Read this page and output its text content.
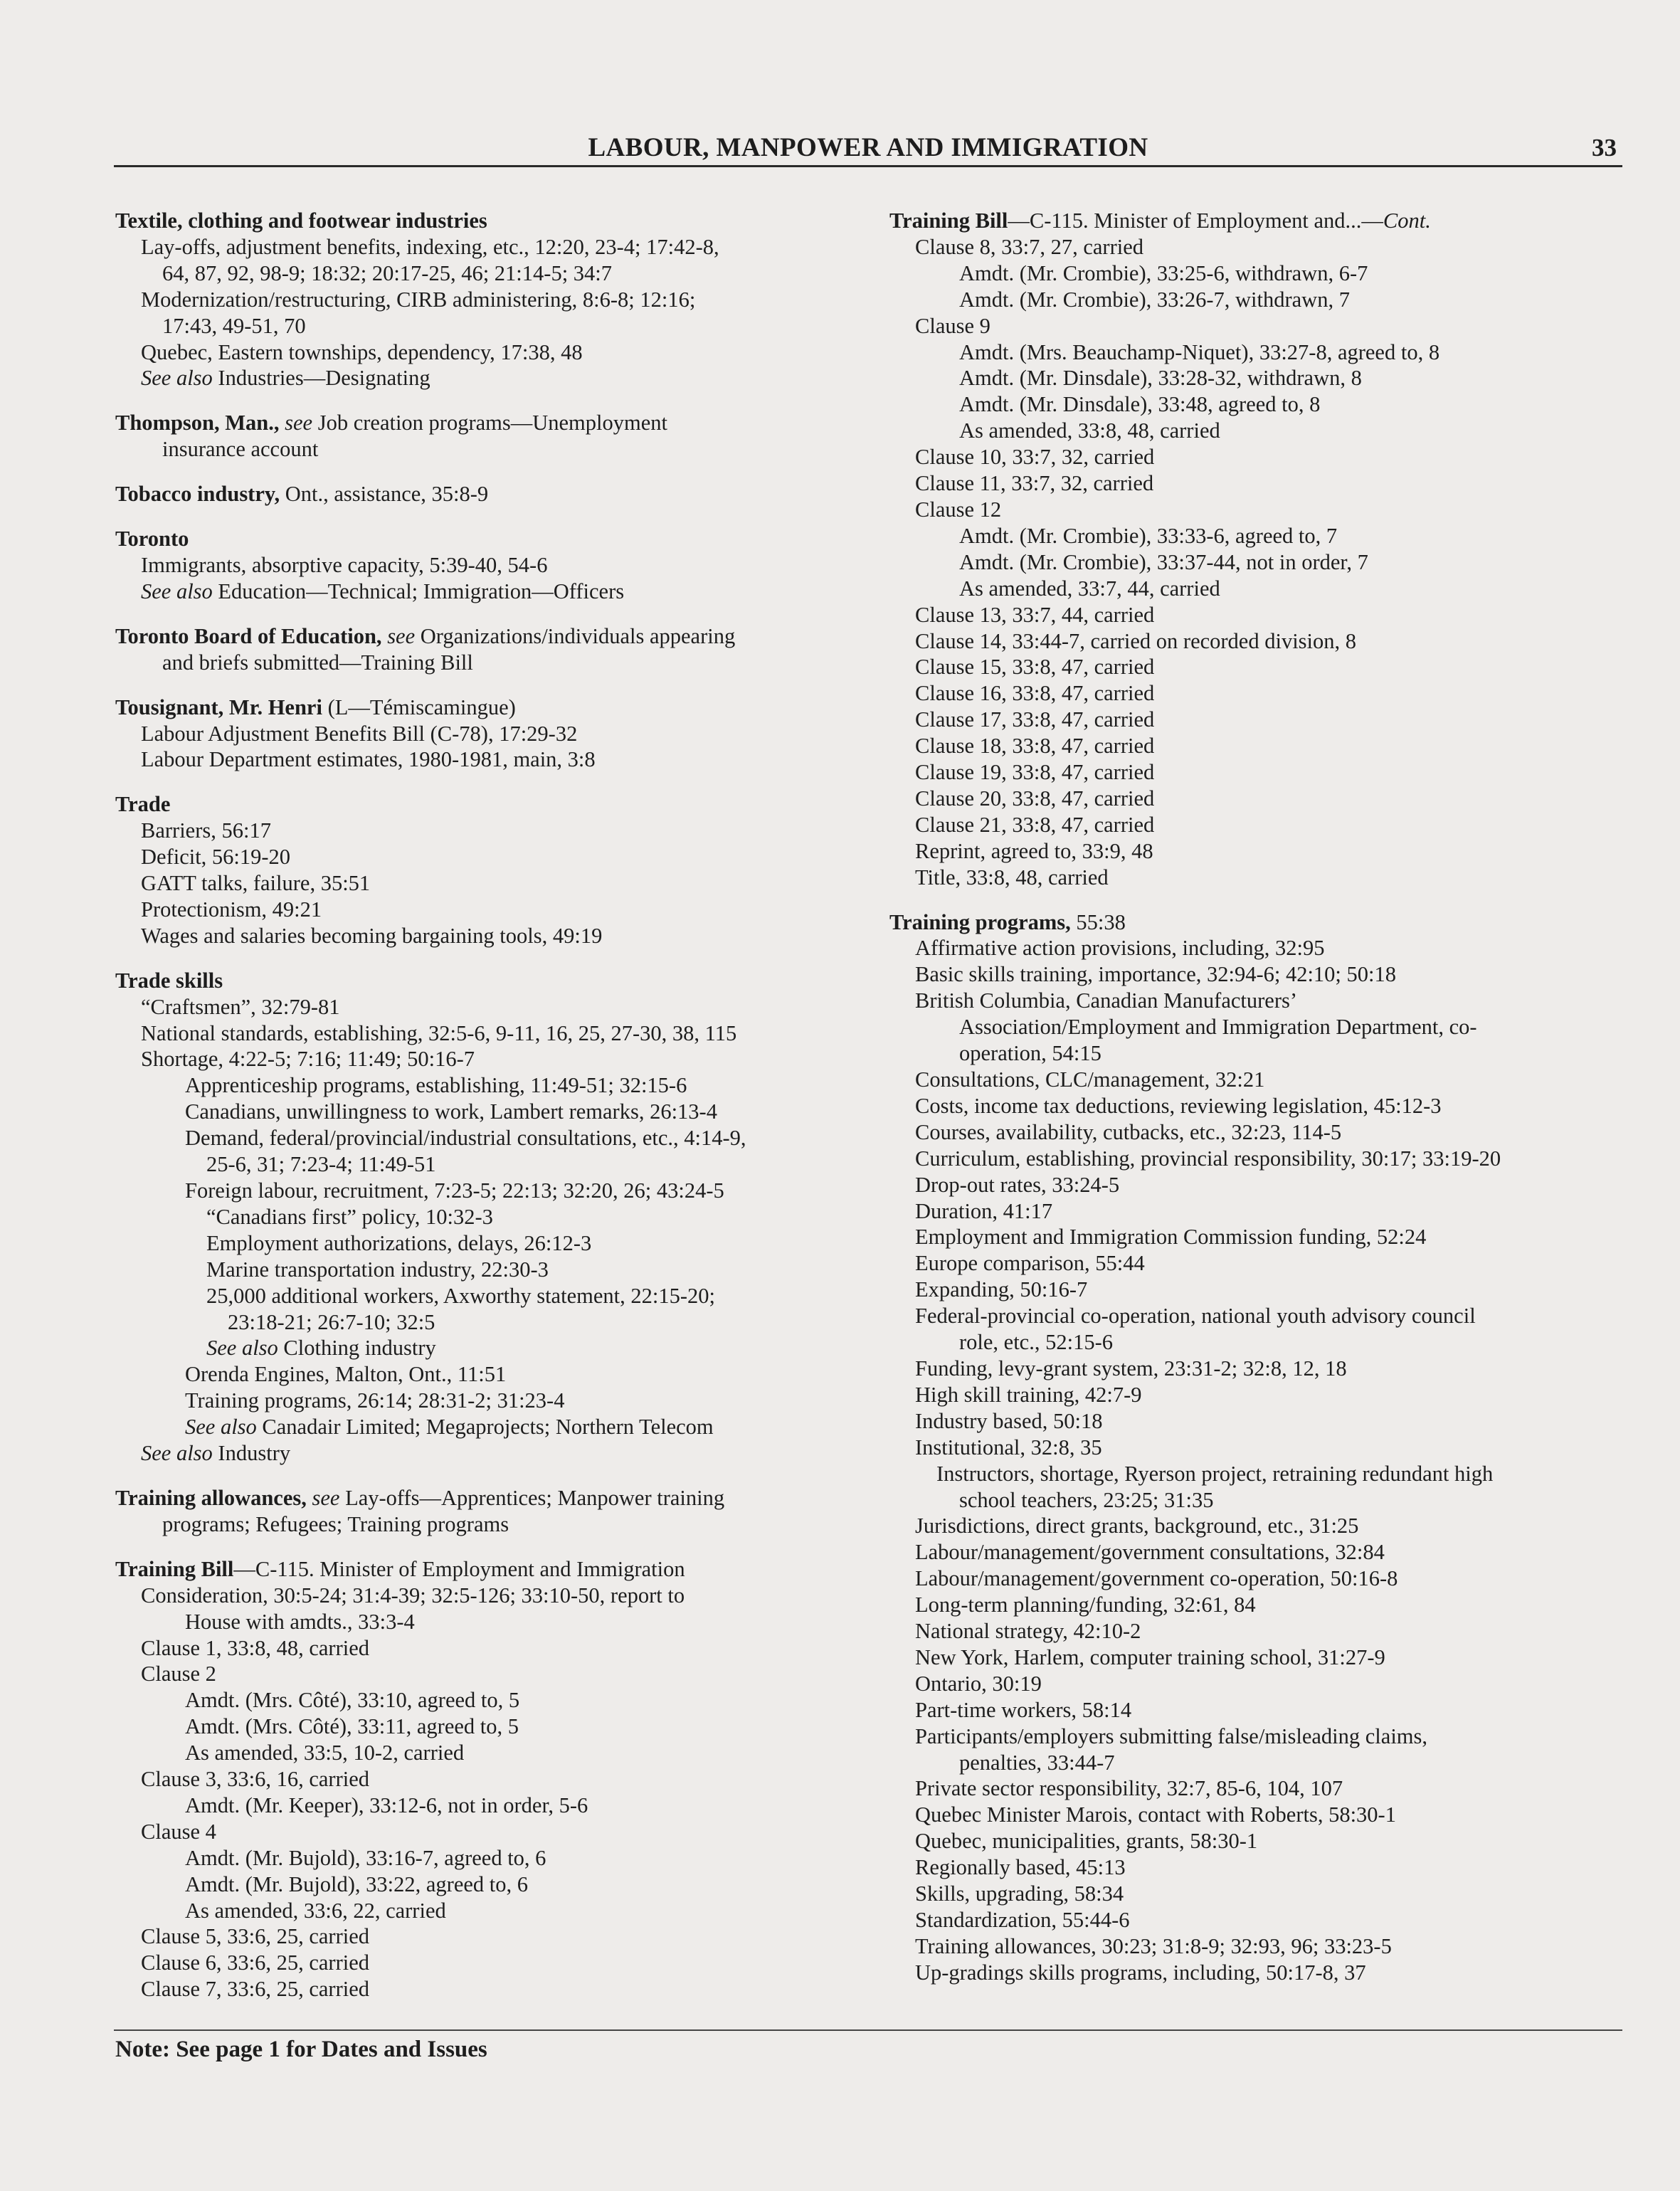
LABOUR, MANPOWER AND IMMIGRATION	33
Textile, clothing and footwear industries
Lay-offs, adjustment benefits, indexing, etc., 12:20, 23-4; 17:42-8,
64, 87, 92, 98-9; 18:32; 20:17-25, 46; 21:14-5; 34:7
Modernization/restructuring, CIRB administering, 8:6-8; 12:16;
17:43, 49-51, 70
Quebec, Eastern townships, dependency, 17:38, 48
See also Industries—Designating
Thompson, Man., see Job creation programs—Unemployment
insurance account
Tobacco industry, Ont., assistance, 35:8-9
Toronto
Immigrants, absorptive capacity, 5:39-40, 54-6
See also Education—Technical; Immigration—Officers
Toronto Board of Education, see Organizations/individuals appearing
and briefs submitted—Training Bill
Tousignant, Mr. Henri (L—Témiscamingue)
Labour Adjustment Benefits Bill (C-78), 17:29-32
Labour Department estimates, 1980-1981, main, 3:8
Trade
Barriers, 56:17
Deficit, 56:19-20
GATT talks, failure, 35:51
Protectionism, 49:21
Wages and salaries becoming bargaining tools, 49:19
Trade skills
“Craftsmen”, 32:79-81
National standards, establishing, 32:5-6, 9-11, 16, 25, 27-30, 38, 115
Shortage, 4:22-5; 7:16; 11:49; 50:16-7
Apprenticeship programs, establishing, 11:49-51; 32:15-6
Canadians, unwillingness to work, Lambert remarks, 26:13-4
Demand, federal/provincial/industrial consultations, etc., 4:14-9,
25-6, 31; 7:23-4; 11:49-51
Foreign labour, recruitment, 7:23-5; 22:13; 32:20, 26; 43:24-5
“Canadians first” policy, 10:32-3
Employment authorizations, delays, 26:12-3
Marine transportation industry, 22:30-3
25,000 additional workers, Axworthy statement, 22:15-20;
23:18-21; 26:7-10; 32:5
See also Clothing industry
Orenda Engines, Malton, Ont., 11:51
Training programs, 26:14; 28:31-2; 31:23-4
See also Canadair Limited; Megaprojects; Northern Telecom
See also Industry
Training allowances, see Lay-offs—Apprentices; Manpower training
programs; Refugees; Training programs
Training Bill—C-115. Minister of Employment and Immigration
Consideration, 30:5-24; 31:4-39; 32:5-126; 33:10-50, report to
House with amdts., 33:3-4
Clause 1, 33:8, 48, carried
Clause 2
Amdt. (Mrs. Côté), 33:10, agreed to, 5
Amdt. (Mrs. Côté), 33:11, agreed to, 5
As amended, 33:5, 10-2, carried
Clause 3, 33:6, 16, carried
Amdt. (Mr. Keeper), 33:12-6, not in order, 5-6
Clause 4
Amdt. (Mr. Bujold), 33:16-7, agreed to, 6
Amdt. (Mr. Bujold), 33:22, agreed to, 6
As amended, 33:6, 22, carried
Clause 5, 33:6, 25, carried
Clause 6, 33:6, 25, carried
Clause 7, 33:6, 25, carried
Training Bill—C-115. Minister of Employment and...—Cont.
Clause 8, 33:7, 27, carried
Amdt. (Mr. Crombie), 33:25-6, withdrawn, 6-7
Amdt. (Mr. Crombie), 33:26-7, withdrawn, 7
Clause 9
Amdt. (Mrs. Beauchamp-Niquet), 33:27-8, agreed to, 8
Amdt. (Mr. Dinsdale), 33:28-32, withdrawn, 8
Amdt. (Mr. Dinsdale), 33:48, agreed to, 8
As amended, 33:8, 48, carried
Clause 10, 33:7, 32, carried
Clause 11, 33:7, 32, carried
Clause 12
Amdt. (Mr. Crombie), 33:33-6, agreed to, 7
Amdt. (Mr. Crombie), 33:37-44, not in order, 7
As amended, 33:7, 44, carried
Clause 13, 33:7, 44, carried
Clause 14, 33:44-7, carried on recorded division, 8
Clause 15, 33:8, 47, carried
Clause 16, 33:8, 47, carried
Clause 17, 33:8, 47, carried
Clause 18, 33:8, 47, carried
Clause 19, 33:8, 47, carried
Clause 20, 33:8, 47, carried
Clause 21, 33:8, 47, carried
Reprint, agreed to, 33:9, 48
Title, 33:8, 48, carried
Training programs, 55:38
Affirmative action provisions, including, 32:95
Basic skills training, importance, 32:94-6; 42:10; 50:18
British Columbia, Canadian Manufacturers’
Association/Employment and Immigration Department, co-
operation, 54:15
Consultations, CLC/management, 32:21
Costs, income tax deductions, reviewing legislation, 45:12-3
Courses, availability, cutbacks, etc., 32:23, 114-5
Curriculum, establishing, provincial responsibility, 30:17; 33:19-20
Drop-out rates, 33:24-5
Duration, 41:17
Employment and Immigration Commission funding, 52:24
Europe comparison, 55:44
Expanding, 50:16-7
Federal-provincial co-operation, national youth advisory council
role, etc., 52:15-6
Funding, levy-grant system, 23:31-2; 32:8, 12, 18
High skill training, 42:7-9
Industry based, 50:18
Institutional, 32:8, 35
Instructors, shortage, Ryerson project, retraining redundant high
school teachers, 23:25; 31:35
Jurisdictions, direct grants, background, etc., 31:25
Labour/management/government consultations, 32:84
Labour/management/government co-operation, 50:16-8
Long-term planning/funding, 32:61, 84
National strategy, 42:10-2
New York, Harlem, computer training school, 31:27-9
Ontario, 30:19
Part-time workers, 58:14
Participants/employers submitting false/misleading claims,
penalties, 33:44-7
Private sector responsibility, 32:7, 85-6, 104, 107
Quebec Minister Marois, contact with Roberts, 58:30-1
Quebec, municipalities, grants, 58:30-1
Regionally based, 45:13
Skills, upgrading, 58:34
Standardization, 55:44-6
Training allowances, 30:23; 31:8-9; 32:93, 96; 33:23-5
Up-gradings skills programs, including, 50:17-8, 37
Note: See page 1 for Dates and Issues
